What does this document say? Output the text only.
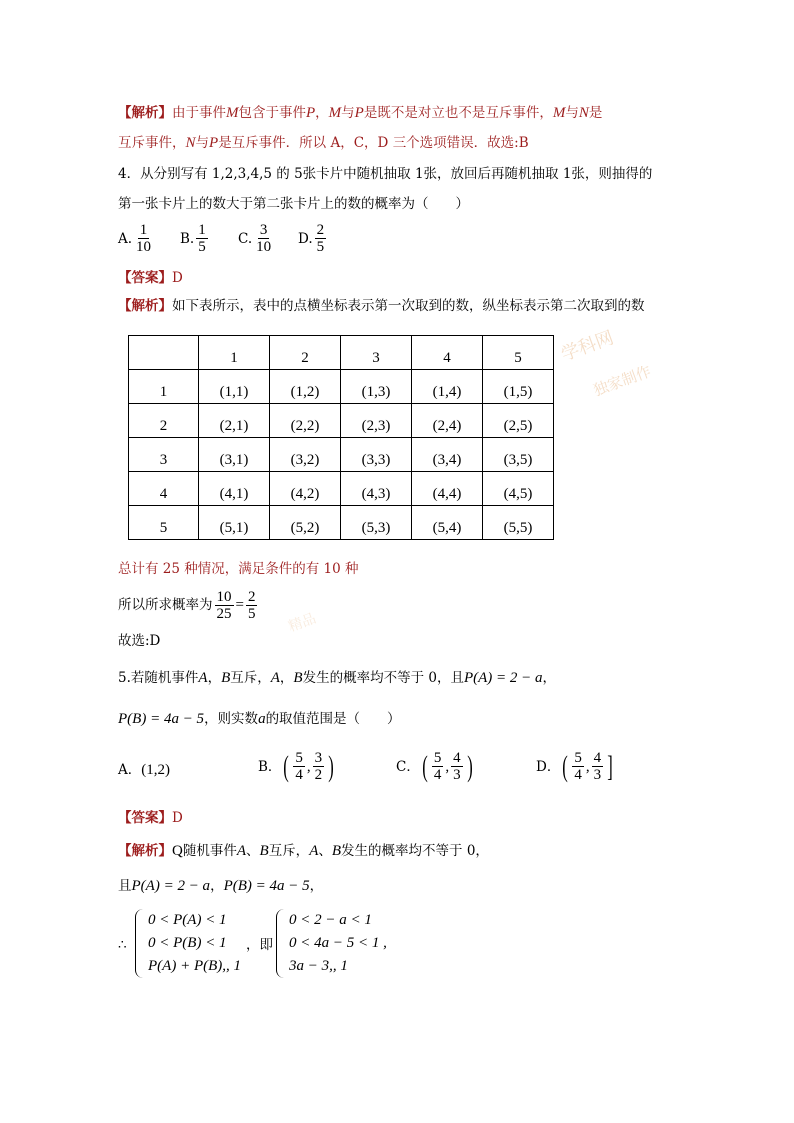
【解析】由于事件M包含于事件P，M与P是既不是对立也不是互斥事件，M与N是
互斥事件，N与P是互斥事件．所以 A，C，D 三个选项错误．故选:B
4．从分别写有 1,2,3,4,5 的 5张卡片中随机抽取 1张，放回后再随机抽取 1张，则抽得的
第一张卡片上的数大于第二张卡片上的数的概率为（　　）
A. $\frac{1}{10} B$. $\frac{1}{5} C$. $\frac{3}{10} D$. $\frac{2}{5}$
【答案】D
【解析】如下表所示，表中的点横坐标表示第一次取到的数，纵坐标表示第二次取到的数
学科网
独家制作
	1	2	3	4	5
1	(1,1)	(1,2)	(1,3)	(1,4)	(1,5)
2	(2,1)	(2,2)	(2,3)	(2,4)	(2,5)
3	(3,1)	(3,2)	(3,3)	(3,4)	(3,5)
4	(4,1)	(4,2)	(4,3)	(4,4)	(4,5)
5	(5,1)	(5,2)	(5,3)	(5,4)	(5,5)
总计有 25 种情况，满足条件的有 10 种
所以所求概率为 $\frac{10}{25} = \frac{2}{5}$
精品
故选:D
5.若随机事件A，B互斥，A，B发生的概率均不等于 0，且P(A) = 2 − a，
P(B) = 4a − 5，则实数a的取值范围是（　　）
A． (1,2)	B． ( $\frac{5}{4}$ , $\frac{3}{2}$ )	C． ( $\frac{5}{4}$ , $\frac{4}{3}$ )	D． ( $\frac{5}{4}$ , $\frac{4}{3}$ ]
【答案】D
【解析】Q随机事件A、B互斥，A、B发生的概率均不等于 0，
且P(A) = 2 − a，P(B) = 4a − 5，
∴
0 < P(A) < 1
0 < P(B) < 1
P(A) + P(B),, 1
，即
0 < 2 − a < 1
0 < 4a − 5 < 1 ,
3a − 3,, 1
